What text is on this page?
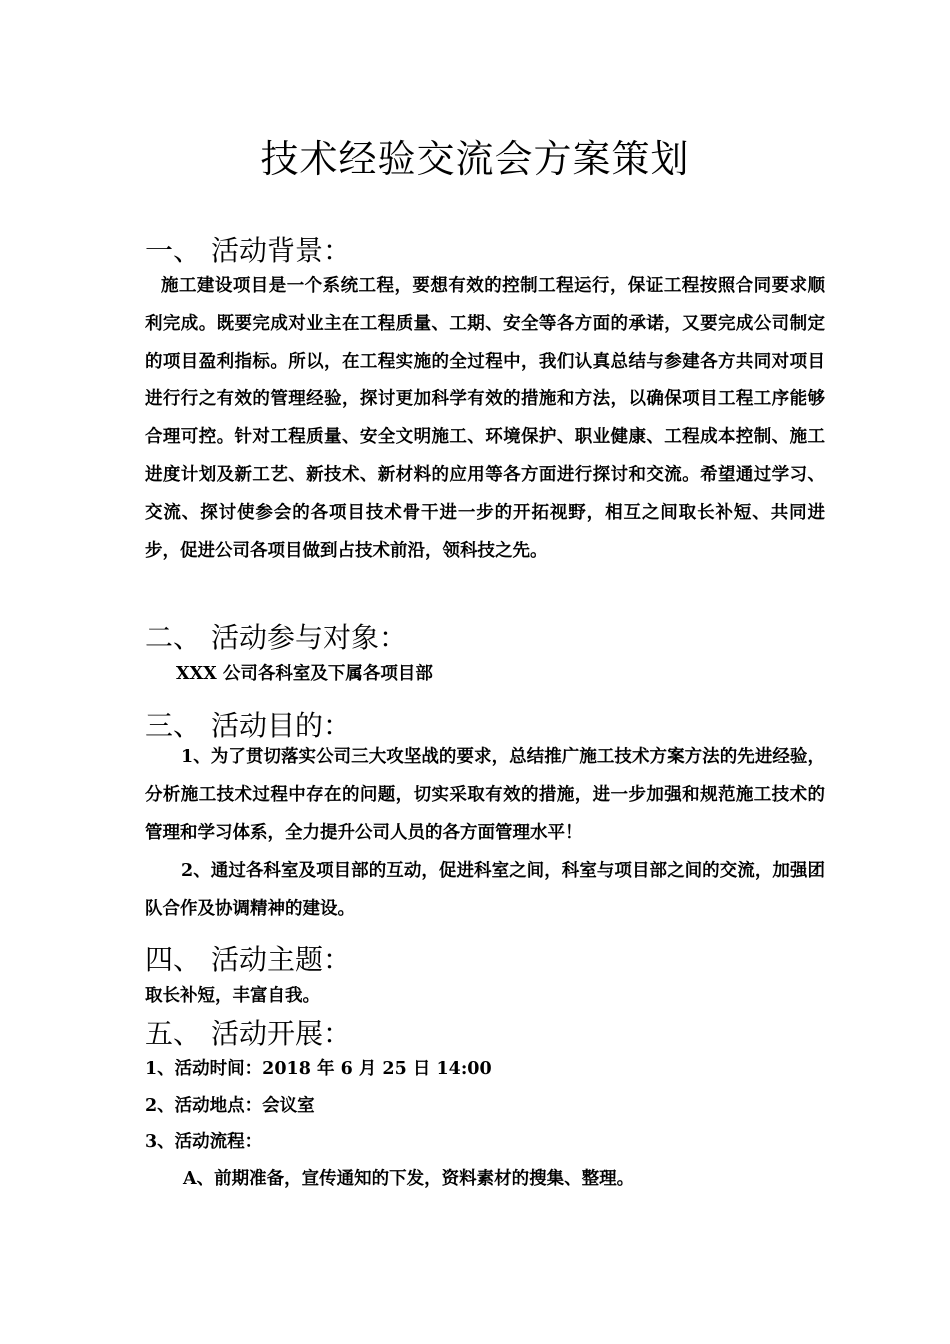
技术经验交流会方案策划
一、 活动背景：

施工建设项目是一个系统工程，要想有效的控制工程运行，保证工程按照合同要求顺利完成。既要完成对业主在工程质量、工期、安全等各方面的承诺，又要完成公司制定的项目盈利指标。所以，在工程实施的全过程中，我们认真总结与参建各方共同对项目进行行之有效的管理经验，探讨更加科学有效的措施和方法，以确保项目工程工序能够合理可控。针对工程质量、安全文明施工、环境保护、职业健康、工程成本控制、施工进度计划及新工艺、新技术、新材料的应用等各方面进行探讨和交流。希望通过学习、交流、探讨使参会的各项目技术骨干进一步的开拓视野，相互之间取长补短、共同进步，促进公司各项目做到占技术前沿，领科技之先。

二、 活动参与对象：

XXX 公司各科室及下属各项目部

三、 活动目的：

1、为了贯切落实公司三大攻坚战的要求，总结推广施工技术方案方法的先进经验，分析施工技术过程中存在的问题，切实采取有效的措施，进一步加强和规范施工技术的管理和学习体系，全力提升公司人员的各方面管理水平！

2、通过各科室及项目部的互动，促进科室之间，科室与项目部之间的交流，加强团队合作及协调精神的建设。

四、 活动主题：

取长补短，丰富自我。

五、 活动开展：

1、活动时间：2018 年 6 月 25 日 14:00

2、活动地点：会议室

3、活动流程：

A、前期准备，宣传通知的下发，资料素材的搜集、整理。
